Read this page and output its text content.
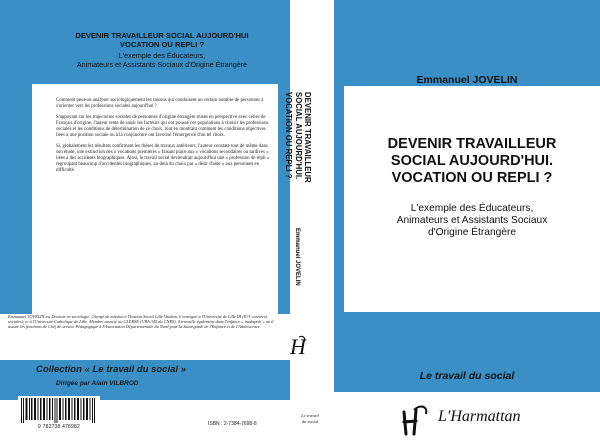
DEVENIR TRAVAILLEUR SOCIAL AUJOURD'HUI
VOCATION OU REPLI ?
L'exemple des Éducateurs,
Animateurs et Assistants Sociaux d'Origine Étrangère

Comment peut-on analyser sociologiquement les raisons qui conduisent un certain nombre de personnes à s'orienter vers les professions sociales aujourd'hui ?

S'appuyant sur les trajectoires sociales de personnes d'origine étrangère mises en perspective avec celles de Français d'origine, l'auteur tente de saisir les facteurs qui ont poussé ces populations à choisir les professions sociales et les conditions de détermination de ce choix, tout en montrant comment les conditions objectives liées à une position sociale ou à la conjoncture ont favorisé l'émergence d'un tel choix.

Si, globalement les résultats confirment les thèses de travaux antérieurs, l'auteur constate tout de même dans son étude, une extinction des « vocations premières » faisant place aux « vocations secondaires ou tardives » liées à des accidents biographiques. Ainsi, le travail social deviendrait aujourd'hui une « profession de repli » regroupant beaucoup d'accidentés biographiques, au-delà du choix par « désir d'aide » aux personnes en difficulté.

Emmanuel JOVELIN est Docteur en sociologie. Chargé de mission à l'Institut Social Lille Vauban, il enseigne à l'Université de Lille III (IUT carrières sociales), et à l'Université Catholique de Lille. Membre associé au CLERSE (URA 345 du CNRS), il travaille également dans l'enfance « inadaptée » où il assure les fonctions de Chef de service Pédagogique à l'Association Départementale du Nord pour la Sauvegarde de l'Enfance et de l'Adolescence.
Collection « Le travail du social »
Dirigée par Alain VILBROD
9 782738 476982	ISBN : 2-7384-7698-8
DEVENIR TRAVAILLEUR
SOCIAL AUJOURD'HUI.
VOCATION OU REPLI ?
Emmanuel JOVELIN
H
Le travail
du social
Emmanuel JOVELIN
DEVENIR TRAVAILLEUR
SOCIAL AUJOURD'HUI.
VOCATION OU REPLI ?
L'exemple des Éducateurs,
Animateurs et Assistants Sociaux
d'Origine Étrangère
Le travail du social
L'Harmattan
